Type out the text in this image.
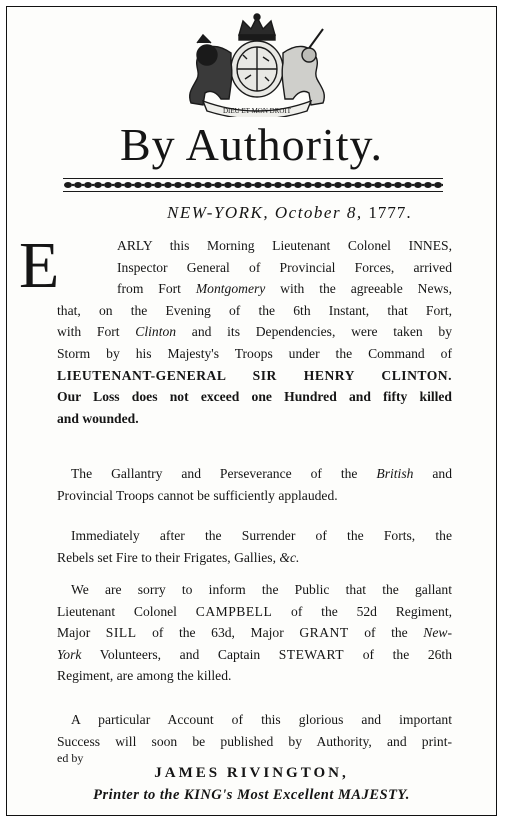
DIEU ET MON DROIT
By Authority.
NEW-YORK, October 8, 1777.
E	ARLY this Morning Lieutenant Colonel INNES,
Inspector General of Provincial Forces, arrived
from Fort Montgomery with the agreeable News,
that, on the Evening of the 6th Instant, that Fort,
with Fort Clinton and its Dependencies, were taken by
Storm by his Majesty's Troops under the Command of
LIEUTENANT-GENERAL SIR HENRY CLINTON.
Our Loss does not exceed one Hundred and fifty killed
and wounded.
The Gallantry and Perseverance of the British and
Provincial Troops cannot be sufficiently applauded.
Immediately after the Surrender of the Forts, the
Rebels set Fire to their Frigates, Gallies, &c.
We are sorry to inform the Public that the gallant
Lieutenant Colonel CAMPBELL of the 52d Regiment,
Major SILL of the 63d, Major GRANT of the New-
York Volunteers, and Captain STEWART of the 26th
Regiment, are among the killed.
A particular Account of this glorious and important
Success will soon be published by Authority, and print-
ed by
JAMES RIVINGTON,
Printer to the KING's Most Excellent MAJESTY.
